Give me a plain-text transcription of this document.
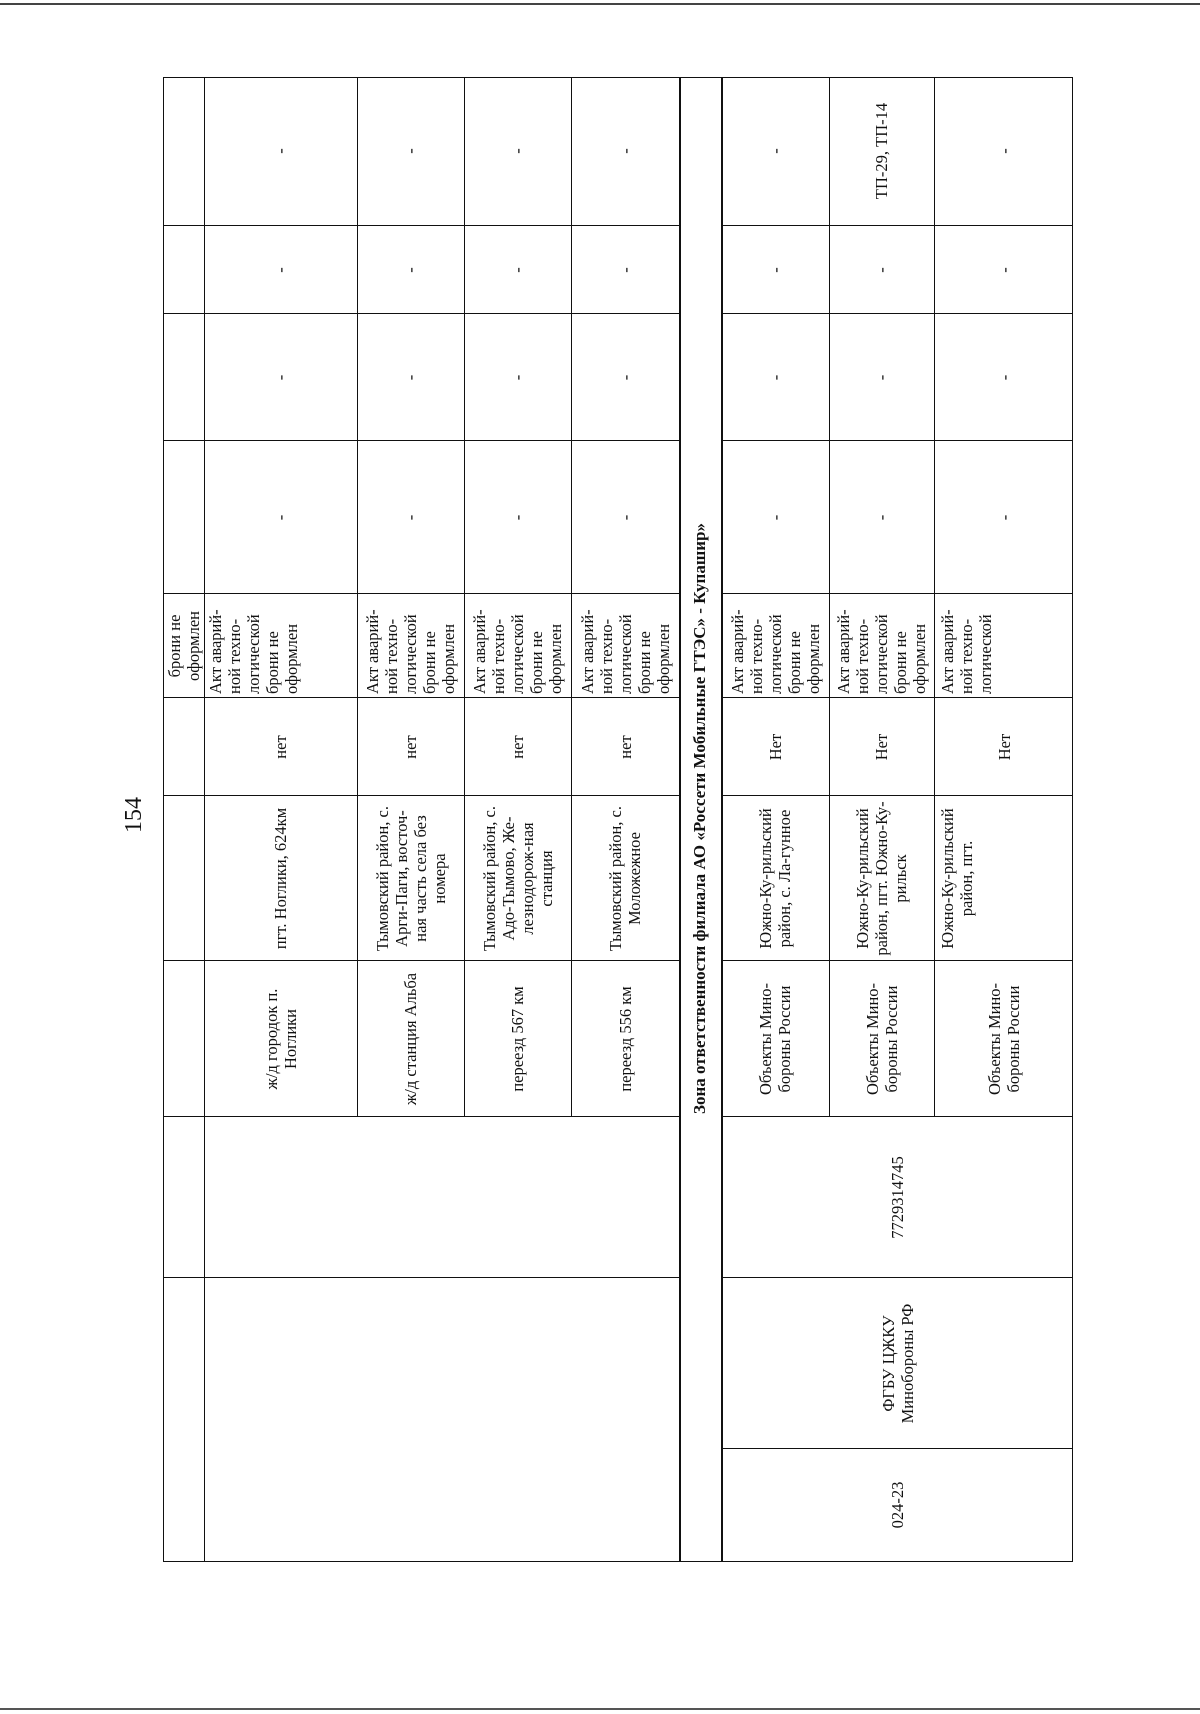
154
брони не оформлен
ж/д городок п. Ноглики
пгт. Ноглики, 624км
нет
Акт аварий-ной техно-логической брони не оформлен
-
-
-
-
ж/д станция Альба
Тымовский район, с. Арги-Паги, восточ-ная часть села без номера
нет
Акт аварий-ной техно-логической брони не оформлен
-
-
-
-
переезд 567 км
Тымовский район, с. Адо-Тымово, Же-лезнодорож-ная станция
нет
Акт аварий-ной техно-логической брони не оформлен
-
-
-
-
переезд 556 км
Тымовский район, с. Моложежное
нет
Акт аварий-ной техно-логической брони не оформлен
-
-
-
-
Зона ответственности филиала АО «Россети Мобильные ГТЭС» - Купашир»
024-23
ФГБУ ЦЖКУ Минобороны РФ
7729314745
Объекты Мино-бороны России
Южно-Ку-рильский район, с. Ла-гунное
Нет
Акт аварий-ной техно-логической брони не оформлен
-
-
-
-
Объекты Мино-бороны России
Южно-Ку-рильский район, пгт. Южно-Ку-рильск
Нет
Акт аварий-ной техно-логической брони не оформлен
-
-
-
ТП-29, ТП-14
Объекты Мино-бороны России
Южно-Ку-рильский район, пгт.
Нет
Акт аварий-ной техно-логической
-
-
-
-
